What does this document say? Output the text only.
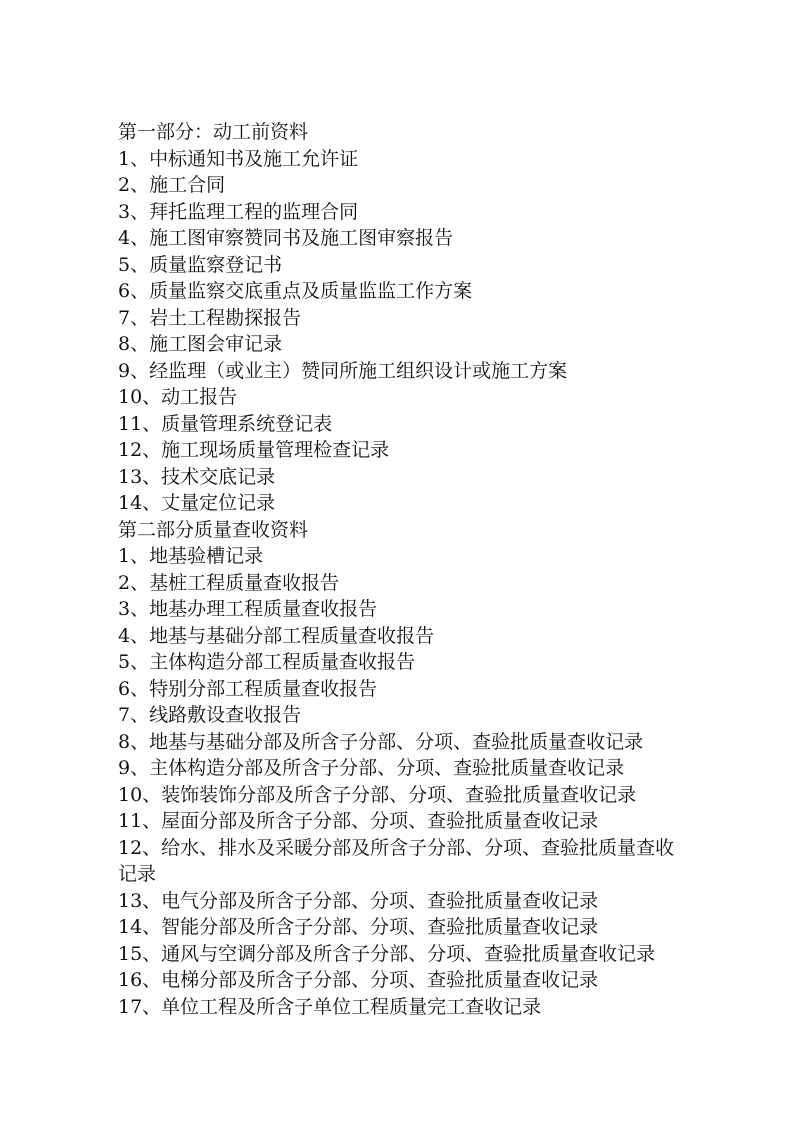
第一部分：动工前资料

1、中标通知书及施工允许证

2、施工合同

3、拜托监理工程的监理合同

4、施工图审察赞同书及施工图审察报告

5、质量监察登记书

6、质量监察交底重点及质量监监工作方案

7、岩土工程勘探报告

8、施工图会审记录

9、经监理（或业主）赞同所施工组织设计或施工方案

10、动工报告

11、质量管理系统登记表

12、施工现场质量管理检查记录

13、技术交底记录

14、丈量定位记录

第二部分质量查收资料

1、地基验槽记录

2、基桩工程质量查收报告

3、地基办理工程质量查收报告

4、地基与基础分部工程质量查收报告

5、主体构造分部工程质量查收报告

6、特别分部工程质量查收报告

7、线路敷设查收报告

8、地基与基础分部及所含子分部、分项、查验批质量查收记录

9、主体构造分部及所含子分部、分项、查验批质量查收记录

10、装饰装饰分部及所含子分部、分项、查验批质量查收记录

11、屋面分部及所含子分部、分项、查验批质量查收记录

12、给水、排水及采暖分部及所含子分部、分项、查验批质量查收记录

13、电气分部及所含子分部、分项、查验批质量查收记录

14、智能分部及所含子分部、分项、查验批质量查收记录

15、通风与空调分部及所含子分部、分项、查验批质量查收记录

16、电梯分部及所含子分部、分项、查验批质量查收记录

17、单位工程及所含子单位工程质量完工查收记录
